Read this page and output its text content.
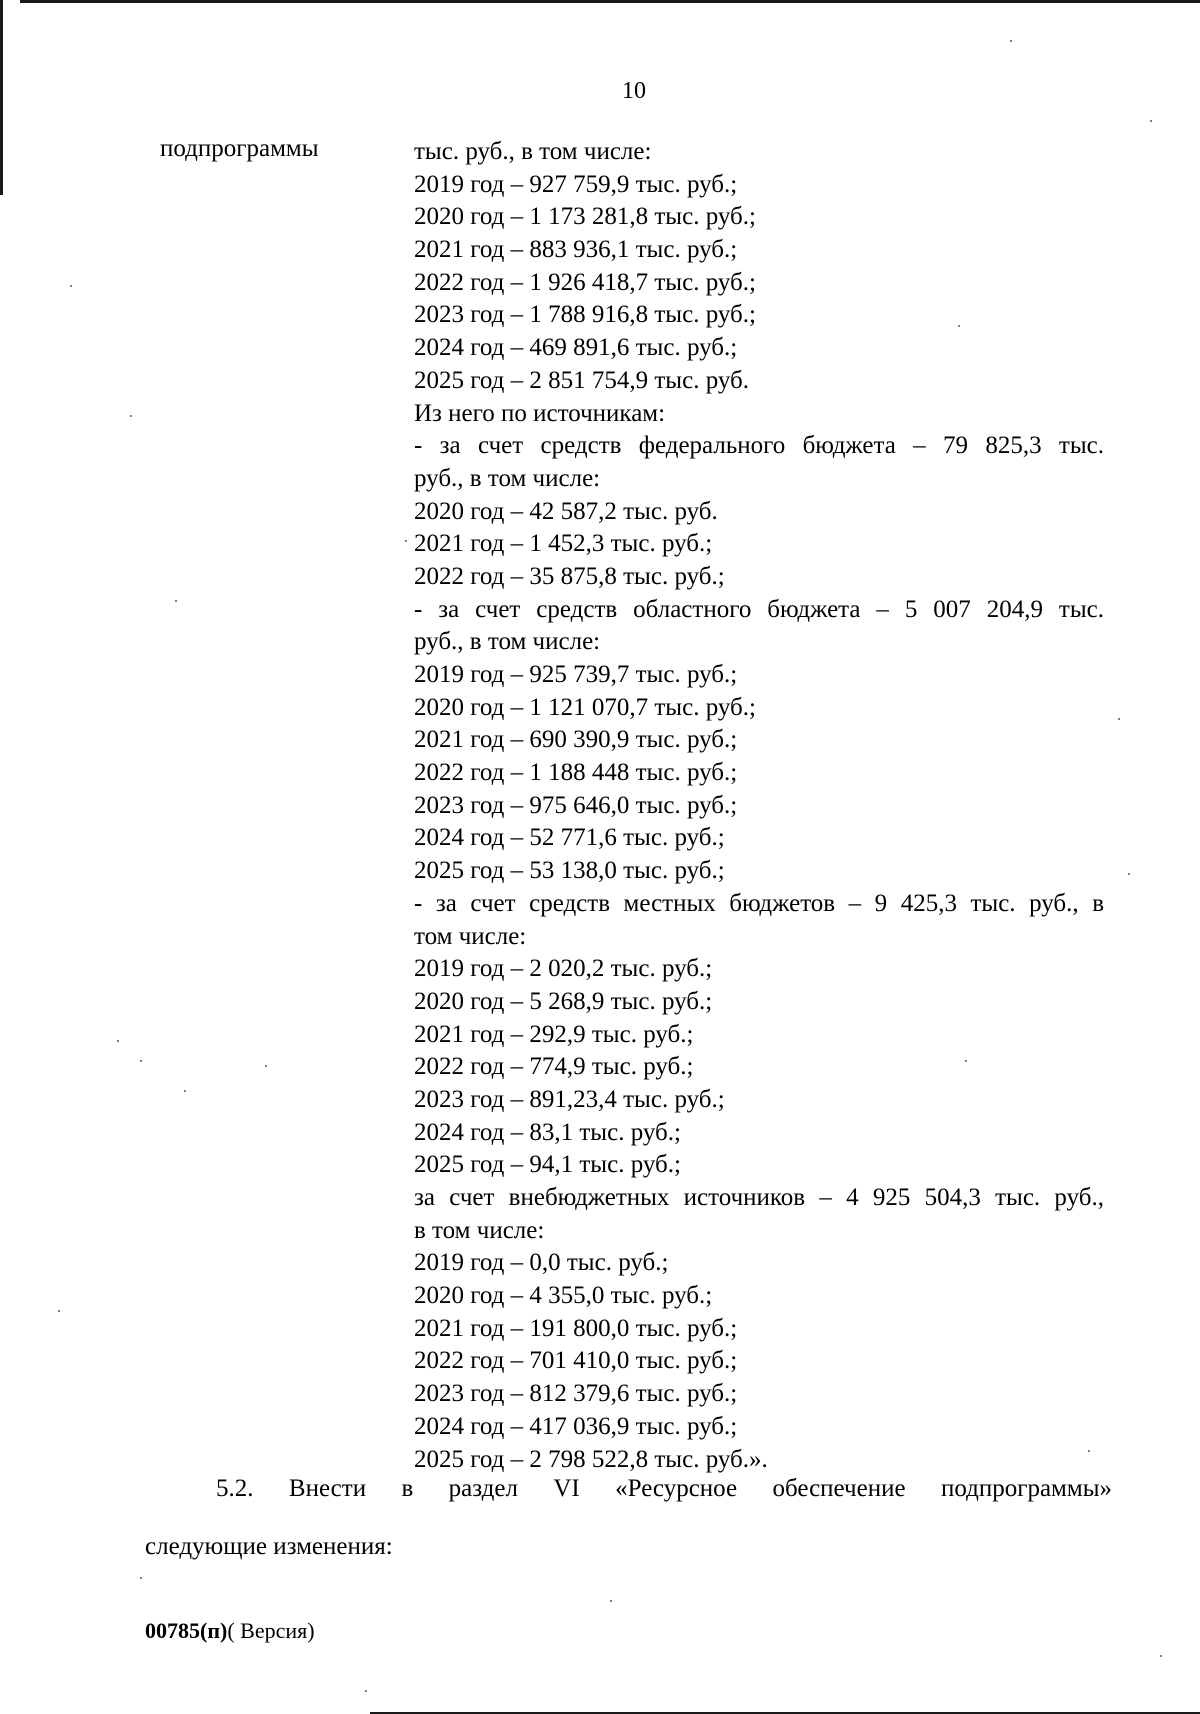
10
подпрограммы	тыс. руб., в том числе:
2019 год – 927 759,9 тыс. руб.;
2020 год – 1 173 281,8 тыс. руб.;
2021 год – 883 936,1 тыс. руб.;
2022 год – 1 926 418,7 тыс. руб.;
2023 год – 1 788 916,8 тыс. руб.;
2024 год – 469 891,6 тыс. руб.;
2025 год – 2 851 754,9 тыс. руб.
Из него по источникам:
- за счет средств федерального бюджета – 79 825,3 тыс.
руб., в том числе:
2020 год – 42 587,2 тыс. руб.
2021 год – 1 452,3 тыс. руб.;
2022 год – 35 875,8 тыс. руб.;
- за счет средств областного бюджета – 5 007 204,9 тыс.
руб., в том числе:
2019 год – 925 739,7 тыс. руб.;
2020 год – 1 121 070,7 тыс. руб.;
2021 год – 690 390,9 тыс. руб.;
2022 год – 1 188 448 тыс. руб.;
2023 год – 975 646,0 тыс. руб.;
2024 год – 52 771,6 тыс. руб.;
2025 год – 53 138,0 тыс. руб.;
- за счет средств местных бюджетов – 9 425,3 тыс. руб., в
том числе:
2019 год – 2 020,2 тыс. руб.;
2020 год – 5 268,9 тыс. руб.;
2021 год – 292,9 тыс. руб.;
2022 год – 774,9 тыс. руб.;
2023 год – 891,23,4 тыс. руб.;
2024 год – 83,1 тыс. руб.;
2025 год – 94,1 тыс. руб.;
за счет внебюджетных источников – 4 925 504,3 тыс. руб.,
в том числе:
2019 год – 0,0 тыс. руб.;
2020 год – 4 355,0 тыс. руб.;
2021 год – 191 800,0 тыс. руб.;
2022 год – 701 410,0 тыс. руб.;
2023 год – 812 379,6 тыс. руб.;
2024 год – 417 036,9 тыс. руб.;
2025 год – 2 798 522,8 тыс. руб.».
5.2. Внести в раздел VI «Ресурсное обеспечение подпрограммы»
следующие изменения:
00785(п)( Версия)
